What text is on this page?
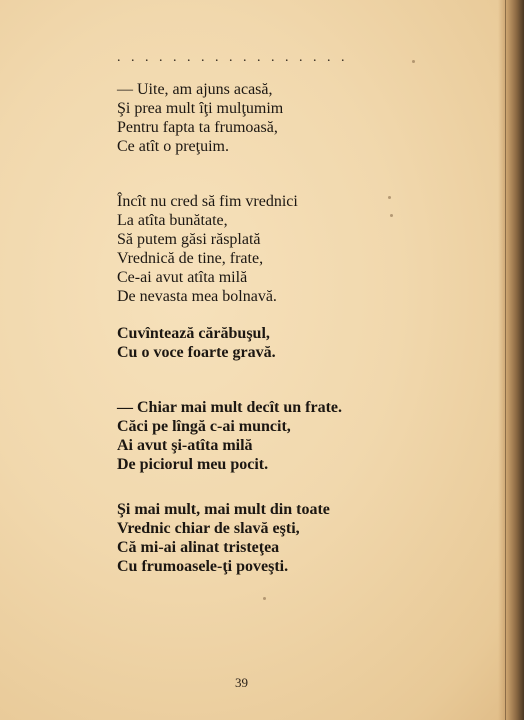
. . . . . . . . . . . . . . . . .
— Uite, am ajuns acasă,
Şi prea mult îţi mulţumim
Pentru fapta ta frumoasă,
Ce atît o preţuim.
Încît nu cred să fim vrednici
La atîta bunătate,
Să putem găsi răsplată
Vrednică de tine, frate,
Ce-ai avut atîta milă
De nevasta mea bolnavă.
Cuvîntează cărăbuşul,
Cu o voce foarte gravă.
— Chiar mai mult decît un frate.
Căci pe lîngă c-ai muncit,
Ai avut şi-atîta milă
De piciorul meu pocit.
Şi mai mult, mai mult din toate
Vrednic chiar de slavă eşti,
Că mi-ai alinat tristeţea
Cu frumoasele-ţi poveşti.
39
